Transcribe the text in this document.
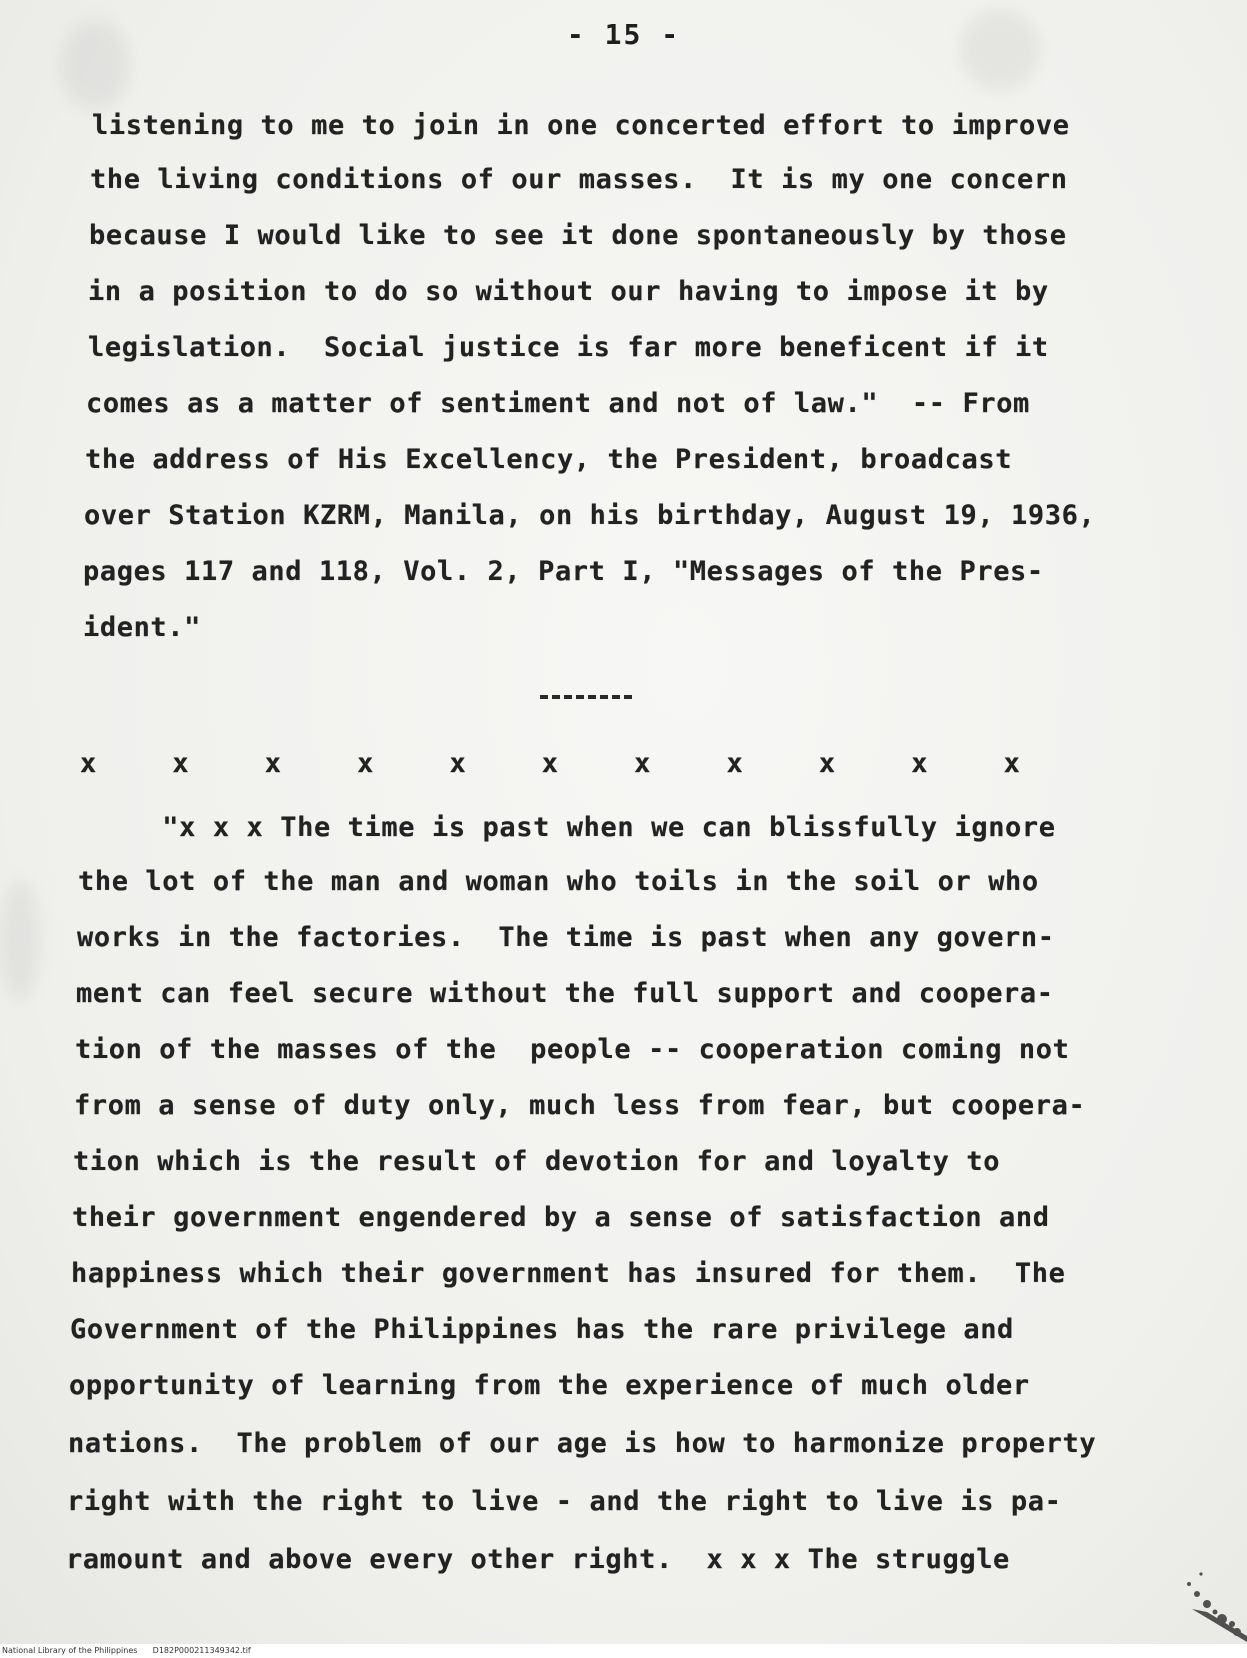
- 15 -
listening to me to join in one concerted effort to improve
the living conditions of our masses.  It is my one concern
because I would like to see it done spontaneously by those
in a position to do so without our having to impose it by
legislation.  Social justice is far more beneficent if it
comes as a matter of sentiment and not of law."  -- From
the address of His Excellency, the President, broadcast
over Station KZRM, Manila, on his birthday, August 19, 1936,
pages 117 and 118, Vol. 2, Part I, "Messages of the Pres-
ident."
x	x	x	x	x	x	x	x	x	x	x
"x x x The time is past when we can blissfully ignore
the lot of the man and woman who toils in the soil or who
works in the factories.  The time is past when any govern-
ment can feel secure without the full support and coopera-
tion of the masses of the  people -- cooperation coming not
from a sense of duty only, much less from fear, but coopera-
tion which is the result of devotion for and loyalty to
their government engendered by a sense of satisfaction and
happiness which their government has insured for them.  The
Government of the Philippines has the rare privilege and
opportunity of learning from the experience of much older
nations.  The problem of our age is how to harmonize property
right with the right to live - and the right to live is pa-
ramount and above every other right.  x x x The struggle
National Library of the Philippines      D182P000211349342.tif
